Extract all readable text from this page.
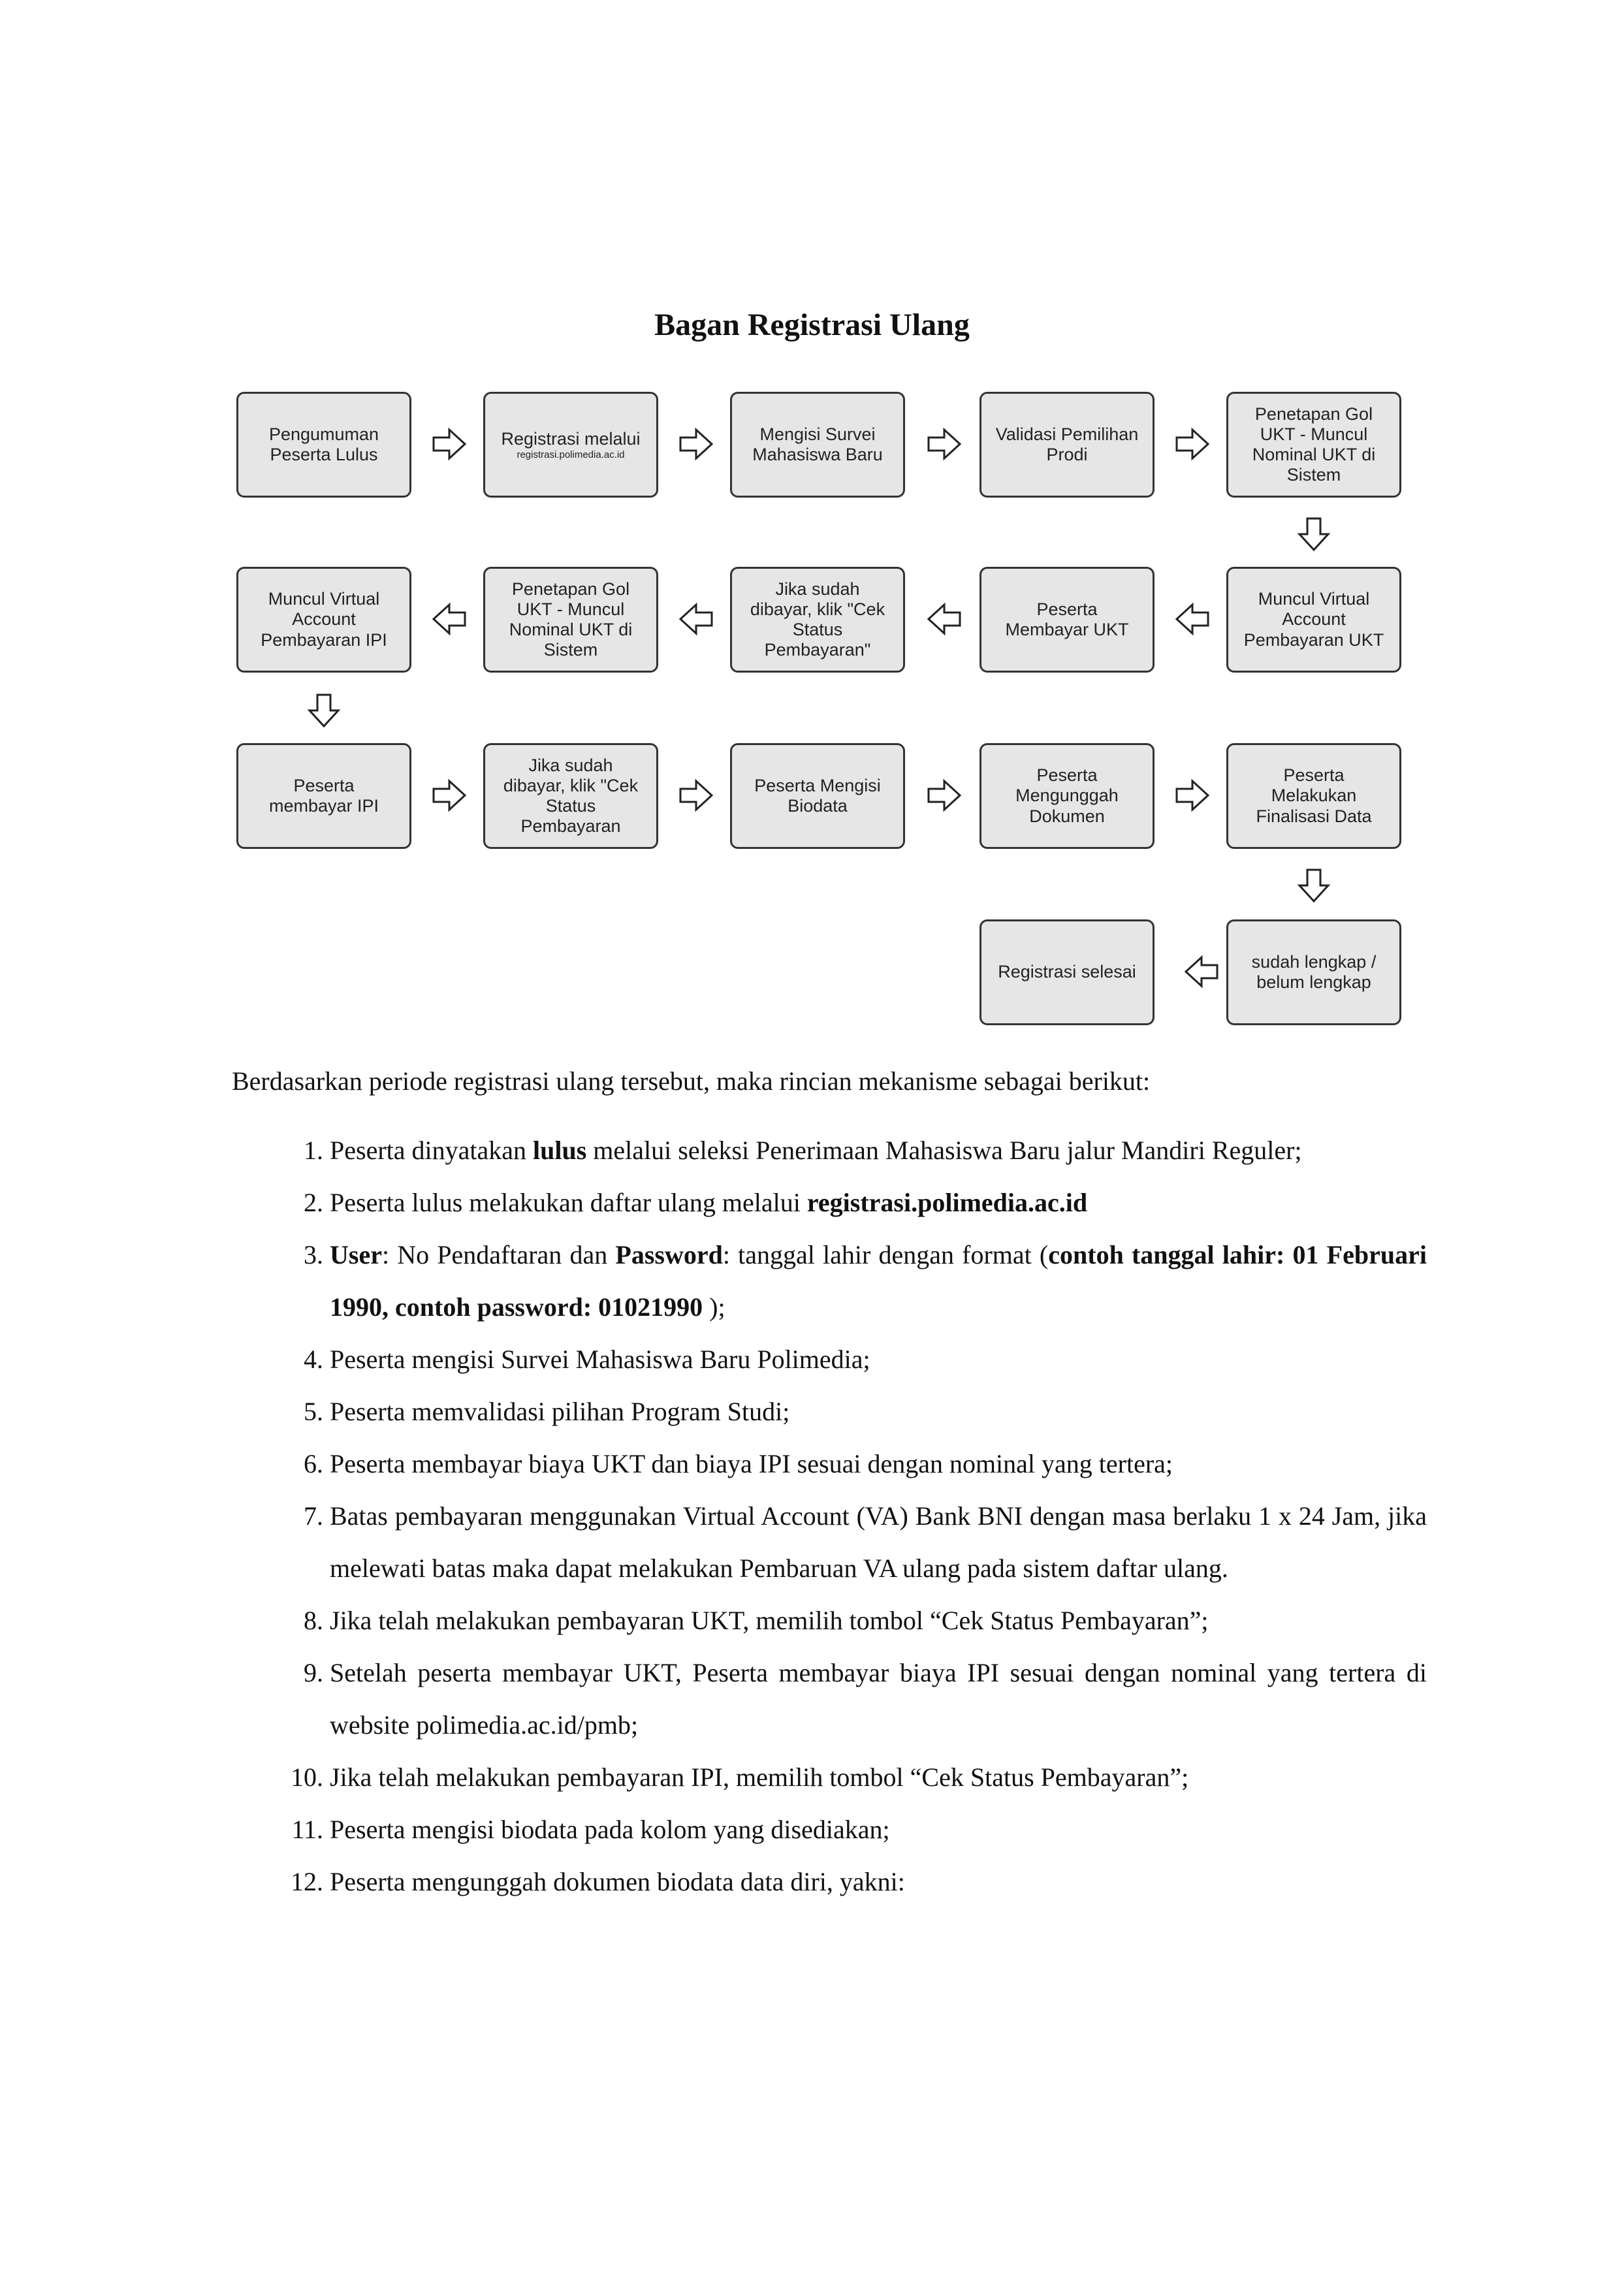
Bagan Registrasi Ulang
Pengumuman
Peserta Lulus
Registrasi melalui
registrasi.polimedia.ac.id
Mengisi Survei
Mahasiswa Baru
Validasi Pemilihan
Prodi
Penetapan Gol
UKT - Muncul
Nominal UKT di
Sistem
Muncul Virtual
Account
Pembayaran IPI
Penetapan Gol
UKT - Muncul
Nominal UKT di
Sistem
Jika sudah
dibayar, klik "Cek
Status
Pembayaran"
Peserta
Membayar UKT
Muncul Virtual
Account
Pembayaran UKT
Peserta
membayar IPI
Jika sudah
dibayar, klik "Cek
Status
Pembayaran
Peserta Mengisi
Biodata
Peserta
Mengunggah
Dokumen
Peserta
Melakukan
Finalisasi Data
Registrasi selesai
sudah lengkap /
belum lengkap
Berdasarkan periode registrasi ulang tersebut, maka rincian mekanisme sebagai berikut:
1. Peserta dinyatakan lulus melalui seleksi Penerimaan Mahasiswa Baru jalur Mandiri Reguler;
2. Peserta lulus melakukan daftar ulang melalui registrasi.polimedia.ac.id
3. User: No Pendaftaran dan Password: tanggal lahir dengan format (contoh tanggal lahir: 01 Februari 1990, contoh password: 01021990 );
4. Peserta mengisi Survei Mahasiswa Baru Polimedia;
5. Peserta memvalidasi pilihan Program Studi;
6. Peserta membayar biaya UKT dan biaya IPI sesuai dengan nominal yang tertera;
7. Batas pembayaran menggunakan Virtual Account (VA) Bank BNI dengan masa berlaku 1 x 24 Jam, jika melewati batas maka dapat melakukan Pembaruan VA ulang pada sistem daftar ulang.
8. Jika telah melakukan pembayaran UKT, memilih tombol “Cek Status Pembayaran”;
9. Setelah peserta membayar UKT, Peserta membayar biaya IPI sesuai dengan nominal yang tertera di website polimedia.ac.id/pmb;
10. Jika telah melakukan pembayaran IPI, memilih tombol “Cek Status Pembayaran”;
11. Peserta mengisi biodata pada kolom yang disediakan;
12. Peserta mengunggah dokumen biodata data diri, yakni:
